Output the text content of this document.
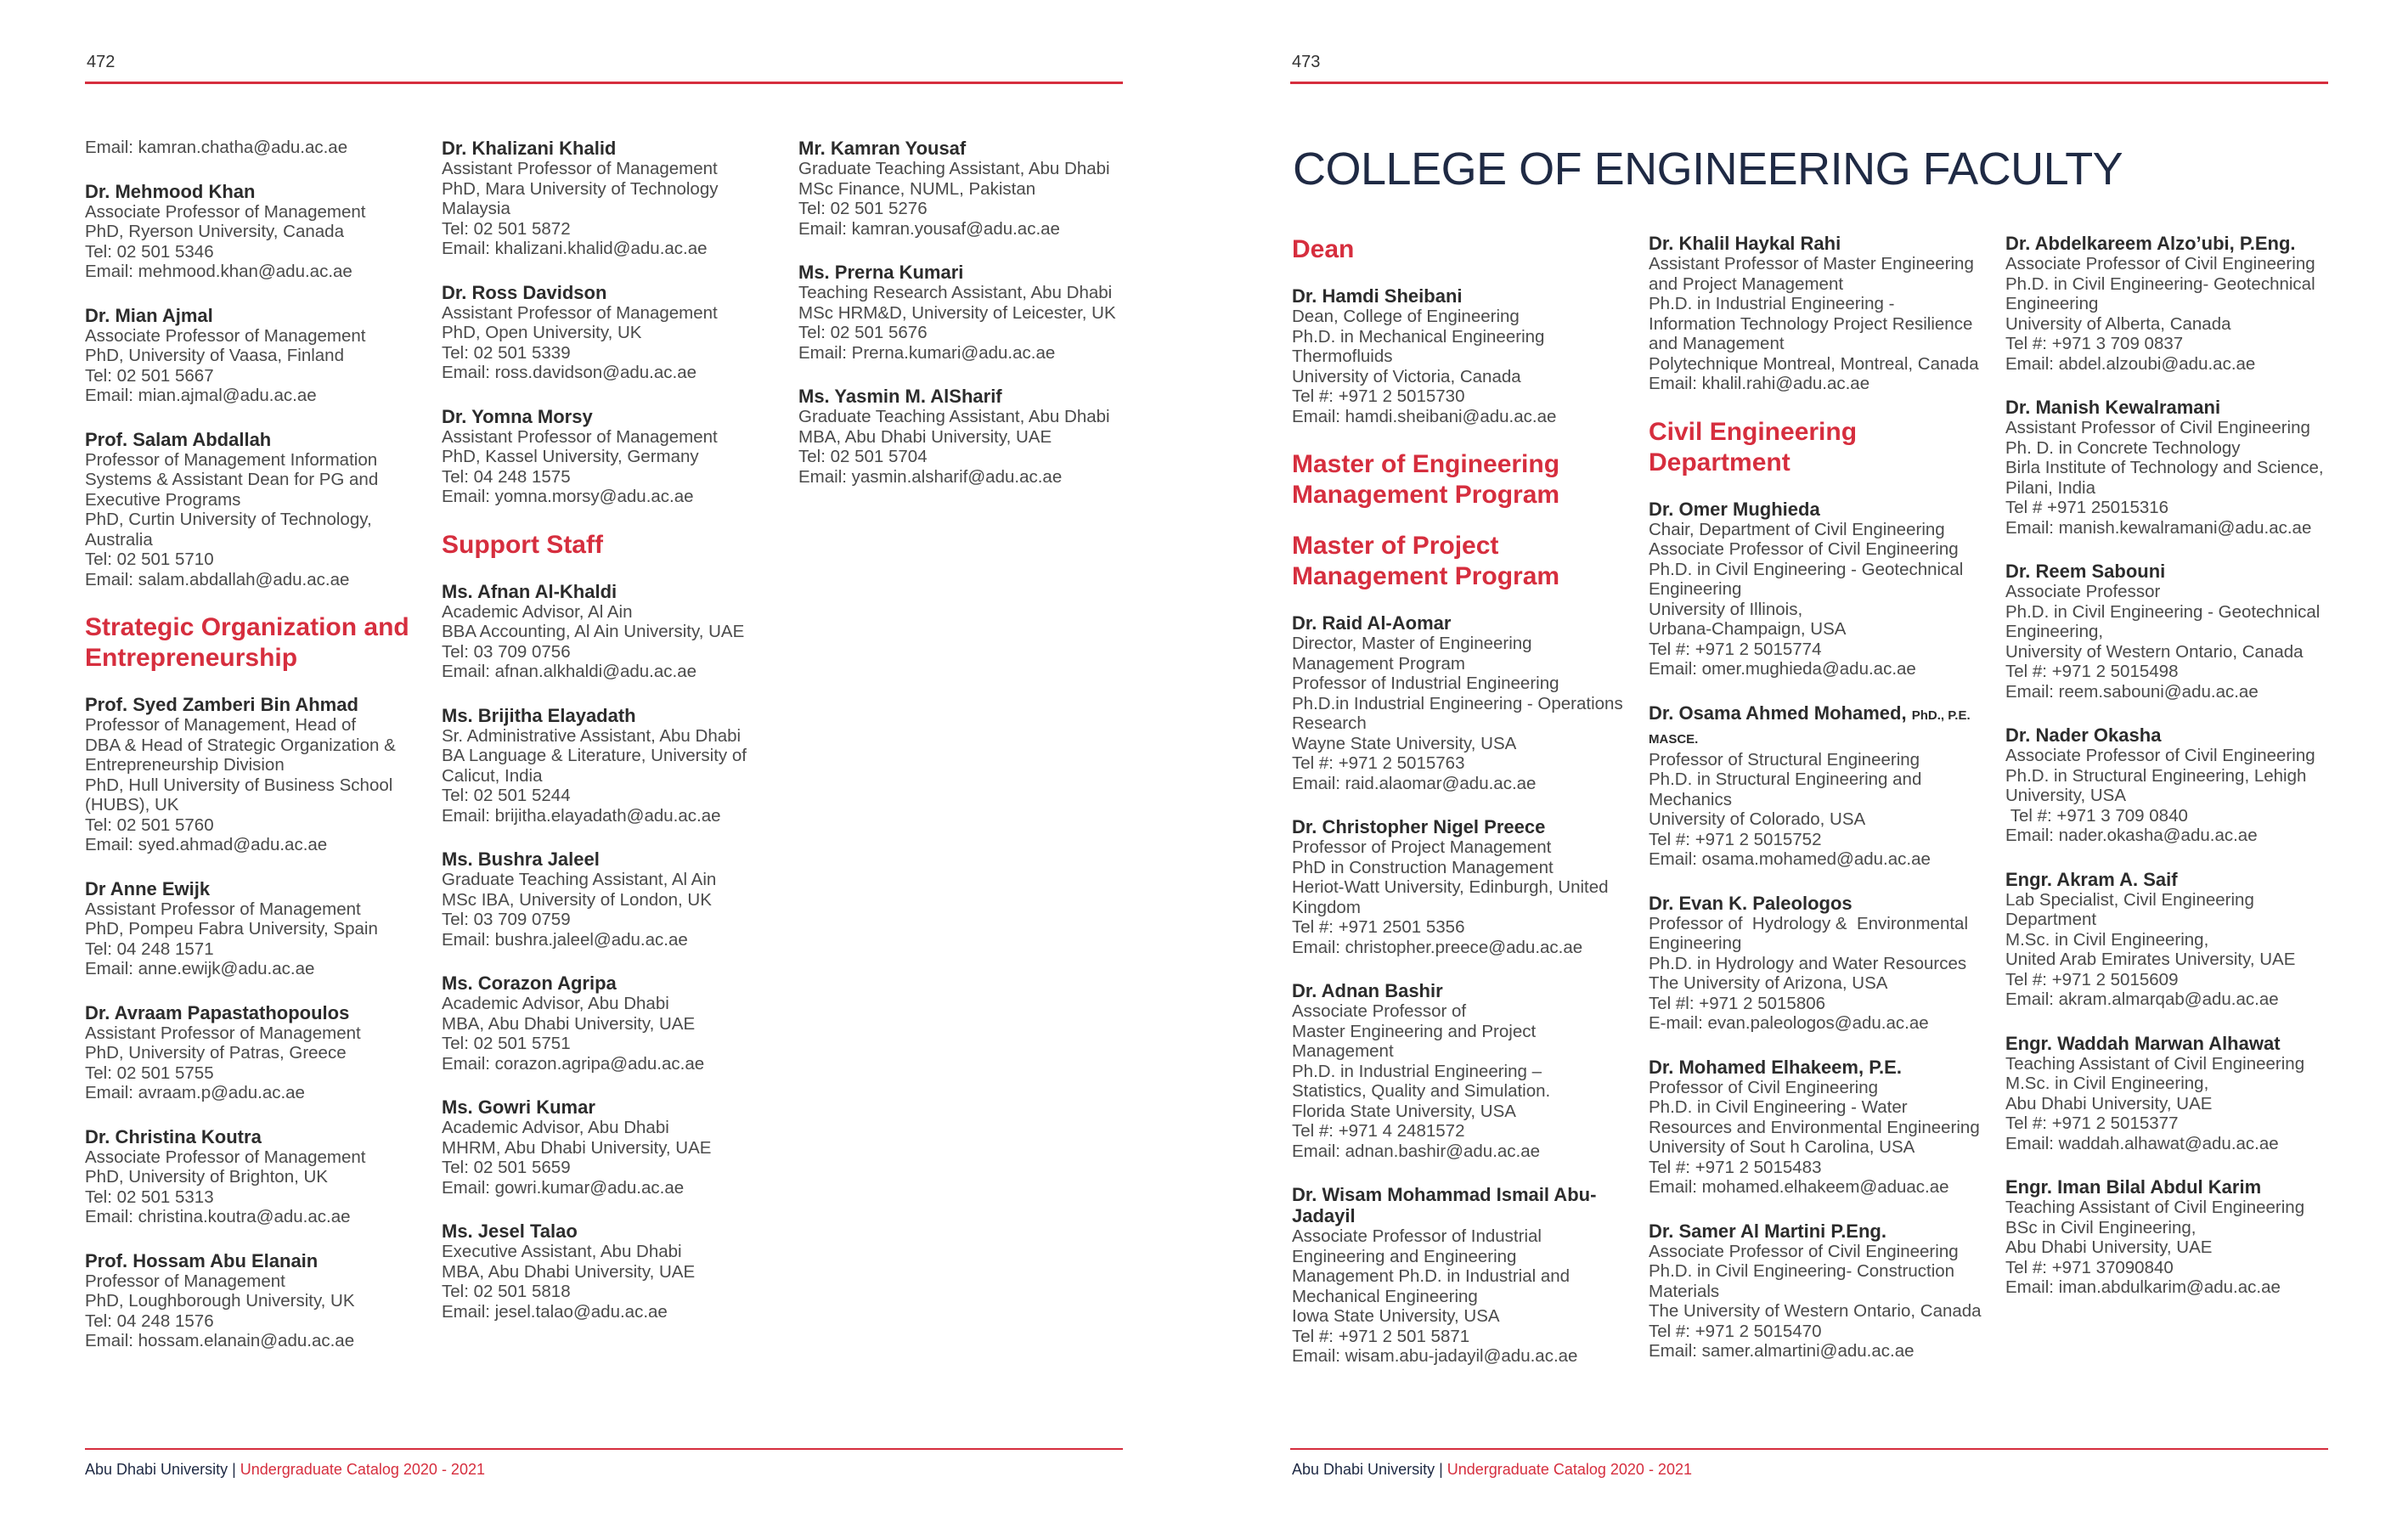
472
Email: kamran.chatha@adu.ac.ae
Dr. Mehmood Khan
Associate Professor of Management
PhD, Ryerson University, Canada
Tel: 02 501 5346
Email: mehmood.khan@adu.ac.ae
Dr. Mian Ajmal
Associate Professor of Management
PhD, University of Vaasa, Finland
Tel: 02 501 5667
Email: mian.ajmal@adu.ac.ae
Prof. Salam Abdallah
Professor of Management Information
Systems & Assistant Dean for PG and
Executive Programs
PhD, Curtin University of Technology,
Australia
Tel: 02 501 5710
Email: salam.abdallah@adu.ac.ae
Strategic Organization and
Entrepreneurship
Prof. Syed Zamberi Bin Ahmad
Professor of Management, Head of
DBA & Head of Strategic Organization &
Entrepreneurship Division
PhD, Hull University of Business School
(HUBS), UK
Tel: 02 501 5760
Email: syed.ahmad@adu.ac.ae
Dr Anne Ewijk
Assistant Professor of Management
PhD, Pompeu Fabra University, Spain
Tel: 04 248 1571
Email: anne.ewijk@adu.ac.ae
Dr. Avraam Papastathopoulos
Assistant Professor of Management
PhD, University of Patras, Greece
Tel: 02 501 5755
Email: avraam.p@adu.ac.ae
Dr. Christina Koutra
Associate Professor of Management
PhD, University of Brighton, UK
Tel: 02 501 5313
Email: christina.koutra@adu.ac.ae
Prof. Hossam Abu Elanain
Professor of Management
PhD, Loughborough University, UK
Tel: 04 248 1576
Email: hossam.elanain@adu.ac.ae
Dr. Khalizani Khalid
Assistant Professor of Management
PhD, Mara University of Technology
Malaysia
Tel: 02 501 5872
Email: khalizani.khalid@adu.ac.ae
Dr. Ross Davidson
Assistant Professor of Management
PhD, Open University, UK
Tel: 02 501 5339
Email: ross.davidson@adu.ac.ae
Dr. Yomna Morsy
Assistant Professor of Management
PhD, Kassel University, Germany
Tel: 04 248 1575
Email: yomna.morsy@adu.ac.ae
Support Staff
Ms. Afnan Al-Khaldi
Academic Advisor, Al Ain
BBA Accounting, Al Ain University, UAE
Tel: 03 709 0756
Email: afnan.alkhaldi@adu.ac.ae
Ms. Brijitha Elayadath
Sr. Administrative Assistant, Abu Dhabi
BA Language & Literature, University of
Calicut, India
Tel: 02 501 5244
Email: brijitha.elayadath@adu.ac.ae
Ms. Bushra Jaleel
Graduate Teaching Assistant, Al Ain
MSc IBA, University of London, UK
Tel: 03 709 0759
Email: bushra.jaleel@adu.ac.ae
Ms. Corazon Agripa
Academic Advisor, Abu Dhabi
MBA, Abu Dhabi University, UAE
Tel: 02 501 5751
Email: corazon.agripa@adu.ac.ae
Ms. Gowri Kumar
Academic Advisor, Abu Dhabi
MHRM, Abu Dhabi University, UAE
Tel: 02 501 5659
Email: gowri.kumar@adu.ac.ae
Ms. Jesel Talao
Executive Assistant, Abu Dhabi
MBA, Abu Dhabi University, UAE
Tel: 02 501 5818
Email: jesel.talao@adu.ac.ae
Mr. Kamran Yousaf
Graduate Teaching Assistant, Abu Dhabi
MSc Finance, NUML, Pakistan
Tel: 02 501 5276
Email: kamran.yousaf@adu.ac.ae
Ms. Prerna Kumari
Teaching Research Assistant, Abu Dhabi
MSc HRM&D, University of Leicester, UK
Tel: 02 501 5676
Email: Prerna.kumari@adu.ac.ae
Ms. Yasmin M. AlSharif
Graduate Teaching Assistant, Abu Dhabi
MBA, Abu Dhabi University, UAE
Tel: 02 501 5704
Email: yasmin.alsharif@adu.ac.ae
Abu Dhabi University | Undergraduate Catalog 2020 - 2021
473
COLLEGE OF ENGINEERING FACULTY
Dean
Dr. Hamdi Sheibani
Dean, College of Engineering
Ph.D. in Mechanical Engineering
Thermofluids
University of Victoria, Canada
Tel #: +971 2 5015730
Email: hamdi.sheibani@adu.ac.ae
Master of Engineering
Management Program
Master of Project
Management Program
Dr. Raid Al-Aomar
Director, Master of Engineering
Management Program
Professor of Industrial Engineering
Ph.D.in Industrial Engineering - Operations
Research
Wayne State University, USA
Tel #: +971 2 5015763
Email: raid.alaomar@adu.ac.ae
Dr. Christopher Nigel Preece
Professor of Project Management
PhD in Construction Management
Heriot-Watt University, Edinburgh, United
Kingdom
Tel #: +971 2501 5356
Email: christopher.preece@adu.ac.ae
Dr. Adnan Bashir
Associate Professor of
Master Engineering and Project
Management
Ph.D. in Industrial Engineering –
Statistics, Quality and Simulation.
Florida State University, USA
Tel #: +971 4 2481572
Email: adnan.bashir@adu.ac.ae
Dr. Wisam Mohammad Ismail Abu-Jadayil
Associate Professor of Industrial
Engineering and Engineering
Management Ph.D. in Industrial and
Mechanical Engineering
Iowa State University, USA
Tel #: +971 2 501 5871
Email: wisam.abu-jadayil@adu.ac.ae
Dr. Khalil Haykal Rahi
Assistant Professor of Master Engineering
and Project Management
Ph.D. in Industrial Engineering -
Information Technology Project Resilience
and Management
Polytechnique Montreal, Montreal, Canada
Email: khalil.rahi@adu.ac.ae
Civil Engineering
Department
Dr. Omer Mughieda
Chair, Department of Civil Engineering
Associate Professor of Civil Engineering
Ph.D. in Civil Engineering - Geotechnical
Engineering
University of Illinois,
Urbana-Champaign, USA
Tel #: +971 2 5015774
Email: omer.mughieda@adu.ac.ae
Dr. Osama Ahmed Mohamed, PhD., P.E. MASCE.
Professor of Structural Engineering
Ph.D. in Structural Engineering and
Mechanics
University of Colorado, USA
Tel #: +971 2 5015752
Email: osama.mohamed@adu.ac.ae
Dr. Evan K. Paleologos
Professor of  Hydrology &  Environmental
Engineering
Ph.D. in Hydrology and Water Resources
The University of Arizona, USA
Tel #l: +971 2 5015806
E-mail: evan.paleologos@adu.ac.ae
Dr. Mohamed Elhakeem, P.E.
Professor of Civil Engineering
Ph.D. in Civil Engineering - Water
Resources and Environmental Engineering
University of Sout h Carolina, USA
Tel #: +971 2 5015483
Email: mohamed.elhakeem@aduac.ae
Dr. Samer Al Martini P.Eng.
Associate Professor of Civil Engineering
Ph.D. in Civil Engineering- Construction
Materials
The University of Western Ontario, Canada
Tel #: +971 2 5015470
Email: samer.almartini@adu.ac.ae
Dr. Abdelkareem Alzo’ubi, P.Eng.
Associate Professor of Civil Engineering
Ph.D. in Civil Engineering- Geotechnical
Engineering
University of Alberta, Canada
Tel #: +971 3 709 0837
Email: abdel.alzoubi@adu.ac.ae
Dr. Manish Kewalramani
Assistant Professor of Civil Engineering
Ph. D. in Concrete Technology
Birla Institute of Technology and Science,
Pilani, India
Tel # +971 25015316
Email: manish.kewalramani@adu.ac.ae
Dr. Reem Sabouni
Associate Professor
Ph.D. in Civil Engineering - Geotechnical
Engineering,
University of Western Ontario, Canada
Tel #: +971 2 5015498
Email: reem.sabouni@adu.ac.ae
Dr. Nader Okasha
Associate Professor of Civil Engineering
Ph.D. in Structural Engineering, Lehigh
University, USA
Tel #: +971 3 709 0840
Email: nader.okasha@adu.ac.ae
Engr. Akram A. Saif
Lab Specialist, Civil Engineering
Department
M.Sc. in Civil Engineering,
United Arab Emirates University, UAE
Tel #: +971 2 5015609
Email: akram.almarqab@adu.ac.ae
Engr. Waddah Marwan Alhawat
Teaching Assistant of Civil Engineering
M.Sc. in Civil Engineering,
Abu Dhabi University, UAE
Tel #: +971 2 5015377
Email: waddah.alhawat@adu.ac.ae
Engr. Iman Bilal Abdul Karim
Teaching Assistant of Civil Engineering
BSc in Civil Engineering,
Abu Dhabi University, UAE
Tel #: +971 37090840
Email: iman.abdulkarim@adu.ac.ae
Abu Dhabi University | Undergraduate Catalog 2020 - 2021
